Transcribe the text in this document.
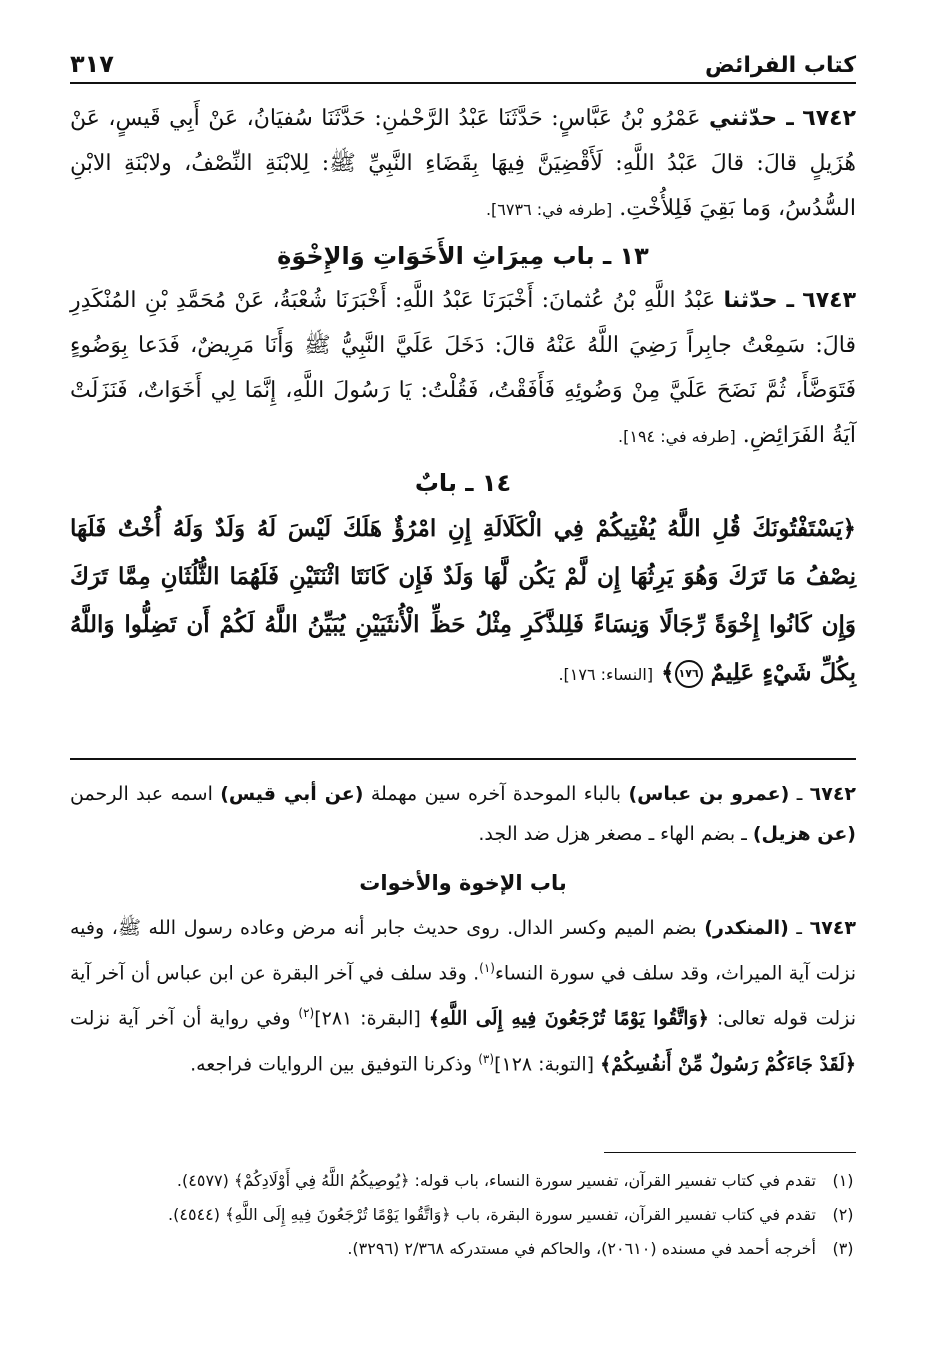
كتاب الفرائض
٣١٧

٦٧٤٢ ـ حدّثني عَمْرُو بْنُ عَبَّاسٍ: حَدَّثَنَا عَبْدُ الرَّحْمٰنِ: حَدَّثَنَا سُفيَانُ، عَنْ أَبِي قَيسٍ، عَنْ هُزَيلٍ قالَ: قالَ عَبْدُ اللَّهِ: لَأَقْضِيَنَّ فِيهَا بِقَضَاءِ النَّبِيِّ ﷺ: لِلابْنَةِ النِّصْفُ، ولابْنَةِ الابْنِ السُّدُسُ، وَما بَقِيَ فَلِلأُخْتِ. [طرفه في: ٦٧٣٦].

١٣ ـ باب مِيرَاثِ الأَخَوَاتِ وَالإِخْوَةِ

٦٧٤٣ ـ حدّثنا عَبْدُ اللَّهِ بْنُ عُثمانَ: أَخْبَرَنَا عَبْدُ اللَّهِ: أَخْبَرَنَا شُعْبَةُ، عَنْ مُحَمَّدِ بْنِ المُنْكَدِرِ قالَ: سَمِعْتُ جابِراً رَضِيَ اللَّهُ عَنْهُ قالَ: دَخَلَ عَلَيَّ النَّبِيُّ ﷺ وَأَنَا مَرِيضٌ، فَدَعا بِوَضُوءٍ فَتَوَضَّأَ، ثُمَّ نَضَحَ عَلَيَّ مِنْ وَضُوئِهِ فَأَفَقْتُ، فَقُلْتُ: يَا رَسُولَ اللَّهِ، إِنَّمَا لِي أَخَوَاتٌ، فَنَزَلَتْ آيَةُ الفَرَائِضِ. [طرفه في: ١٩٤].

١٤ ـ بابٌ

﴿يَسْتَفْتُونَكَ قُلِ اللَّهُ يُفْتِيكُمْ فِي الْكَلَالَةِ إِنِ امْرُؤٌ هَلَكَ لَيْسَ لَهُ وَلَدٌ وَلَهُ أُخْتٌ فَلَهَا نِصْفُ مَا تَرَكَ وَهُوَ يَرِثُهَا إِن لَّمْ يَكُن لَّهَا وَلَدٌ فَإِن كَانَتَا اثْنَتَيْنِ فَلَهُمَا الثُّلُثَانِ مِمَّا تَرَكَ وَإِن كَانُوا إِخْوَةً رِّجَالًا وَنِسَاءً فَلِلذَّكَرِ مِثْلُ حَظِّ الْأُنثَيَيْنِ يُبَيِّنُ اللَّهُ لَكُمْ أَن تَضِلُّوا وَاللَّهُ بِكُلِّ شَيْءٍ عَلِيمٌ ١٧٦﴾ [النساء: ١٧٦].

٦٧٤٢ ـ (عمرو بن عباس) بالباء الموحدة آخره سين مهملة (عن أبي قيس) اسمه عبد الرحمن (عن هزيل) ـ بضم الهاء ـ مصغر هزل ضد الجد.

باب الإخوة والأخوات

٦٧٤٣ ـ (المنكدر) بضم الميم وكسر الدال. روى حديث جابر أنه مرض وعاده رسول الله ﷺ، وفيه نزلت آية الميراث، وقد سلف في سورة النساء$^{(١)}$. وقد سلف في آخر البقرة عن ابن عباس أن آخر آية نزلت قوله تعالى: ﴿وَاتَّقُوا يَوْمًا تُرْجَعُونَ فِيهِ إِلَى اللَّهِ﴾ [البقرة: ٢٨١]$^{(٢)}$ وفي رواية أن آخر آية نزلت ﴿لَقَدْ جَاءَكُمْ رَسُولٌ مِّنْ أَنفُسِكُمْ﴾ [التوبة: ١٢٨]$^{(٣)}$ وذكرنا التوفيق بين الروايات فراجعه.

(١)
تقدم في كتاب تفسير القرآن، تفسير سورة النساء، باب قوله: ﴿يُوصِيكُمُ اللَّهُ فِي أَوْلَادِكُمْ﴾ (٤٥٧٧).

(٢)
تقدم في كتاب تفسير القرآن، تفسير سورة البقرة، باب ﴿وَاتَّقُوا يَوْمًا تُرْجَعُونَ فِيهِ إِلَى اللَّهِ﴾ (٤٥٤٤).

(٣)
أخرجه أحمد في مسنده (٢٠٦١٠)، والحاكم في مستدركه ٢/٣٦٨ (٣٢٩٦).
